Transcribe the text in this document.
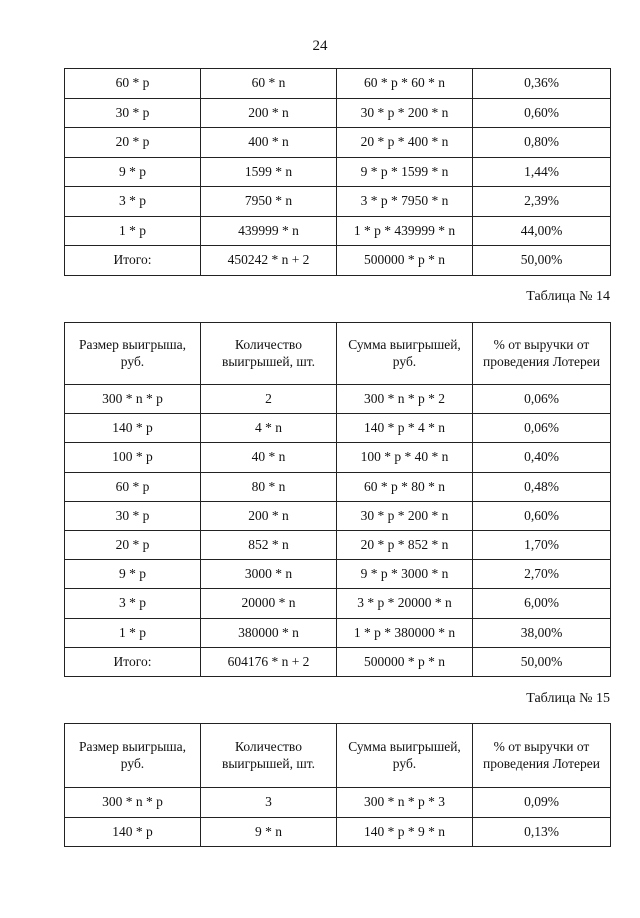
24
60 * p	60 * n	60 * p * 60 * n	0,36%
30 * p	200 * n	30 * p * 200 * n	0,60%
20 * p	400 * n	20 * p * 400 * n	0,80%
9 * p	1599 * n	9 * p * 1599 * n	1,44%
3 * p	7950 * n	3 * p * 7950 * n	2,39%
1 * p	439999 * n	1 * p * 439999 * n	44,00%
Итого:	450242 * n + 2	500000 * p * n	50,00%
Таблица № 14
Размер выигрыша, руб.	Количество выигрышей, шт.	Сумма выигрышей, руб.	% от выручки от проведения Лотереи
300 * n * p	2	300 * n * p * 2	0,06%
140 * p	4 * n	140 * p * 4 * n	0,06%
100 * p	40 * n	100 * p * 40 * n	0,40%
60 * p	80 * n	60 * p * 80 * n	0,48%
30 * p	200 * n	30 * p * 200 * n	0,60%
20 * p	852 * n	20 * p * 852 * n	1,70%
9 * p	3000 * n	9 * p * 3000 * n	2,70%
3 * p	20000 * n	3 * p * 20000 * n	6,00%
1 * p	380000 * n	1 * p * 380000 * n	38,00%
Итого:	604176 * n + 2	500000 * p * n	50,00%
Таблица № 15
Размер выигрыша, руб.	Количество выигрышей, шт.	Сумма выигрышей, руб.	% от выручки от проведения Лотереи
300 * n * p	3	300 * n * p * 3	0,09%
140 * p	9 * n	140 * p * 9 * n	0,13%
